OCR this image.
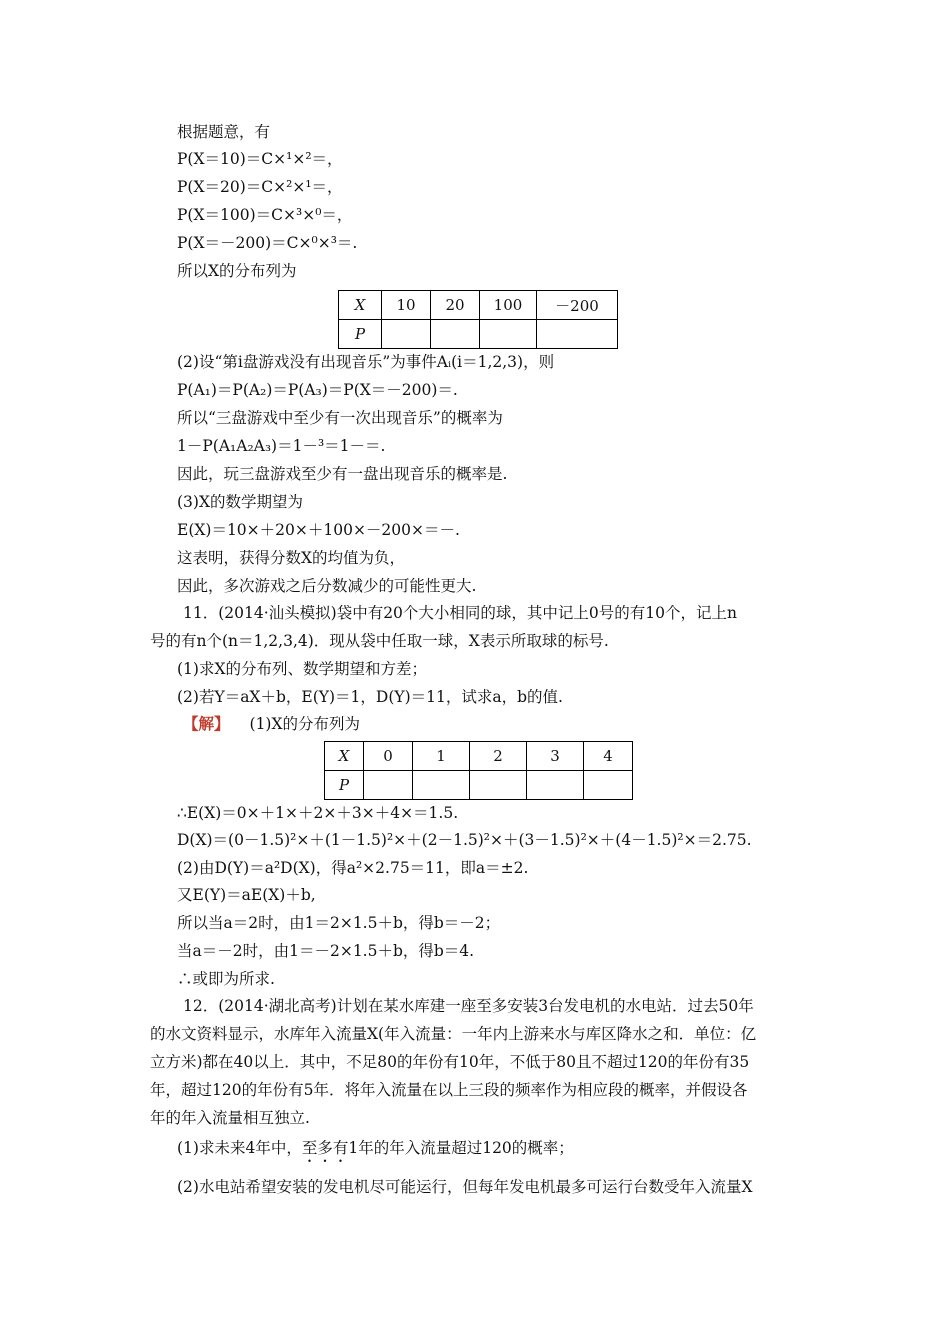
根据题意，有
P(X＝10)＝C×¹×²＝，
P(X＝20)＝C×²×¹＝，
P(X＝100)＝C×³×⁰＝，
P(X＝－200)＝C×⁰×³＝.
所以X的分布列为
X	10	20	100	－200
P				
(2)设“第i盘游戏没有出现音乐”为事件Aᵢ(i＝1,2,3)，则
P(A₁)＝P(A₂)＝P(A₃)＝P(X＝－200)＝.
所以“三盘游戏中至少有一次出现音乐”的概率为
1－P(A₁A₂A₃)＝1－³＝1－＝.
因此，玩三盘游戏至少有一盘出现音乐的概率是.
(3)X的数学期望为
E(X)＝10×＋20×＋100×－200×＝－.
这表明，获得分数X的均值为负，
因此，多次游戏之后分数减少的可能性更大.
11．(2014·汕头模拟)袋中有20个大小相同的球，其中记上0号的有10个，记上n
号的有n个(n＝1,2,3,4)．现从袋中任取一球，X表示所取球的标号.
(1)求X的分布列、数学期望和方差；
(2)若Y＝aX＋b，E(Y)＝1，D(Y)＝11，试求a，b的值.
【解】 (1)X的分布列为
X	0	1	2	3	4
P					
∴E(X)＝0×＋1×＋2×＋3×＋4×＝1.5.
D(X)＝(0－1.5)²×＋(1－1.5)²×＋(2－1.5)²×＋(3－1.5)²×＋(4－1.5)²×＝2.75.
(2)由D(Y)＝a²D(X)，得a²×2.75＝11，即a＝±2.
又E(Y)＝aE(X)＋b,
所以当a＝2时，由1＝2×1.5＋b，得b＝－2；
当a＝－2时，由1＝－2×1.5＋b，得b＝4.
∴或即为所求.
12．(2014·湖北高考)计划在某水库建一座至多安装3台发电机的水电站．过去50年
的水文资料显示，水库年入流量X(年入流量：一年内上游来水与库区降水之和．单位：亿
立方米)都在40以上．其中，不足80的年份有10年，不低于80且不超过120的年份有35
年，超过120的年份有5年．将年入流量在以上三段的频率作为相应段的概率，并假设各
年的年入流量相互独立.
(1)求未来4年中，至多有1年的年入流量超过120的概率；
(2)水电站希望安装的发电机尽可能运行，但每年发电机最多可运行台数受年入流量X
